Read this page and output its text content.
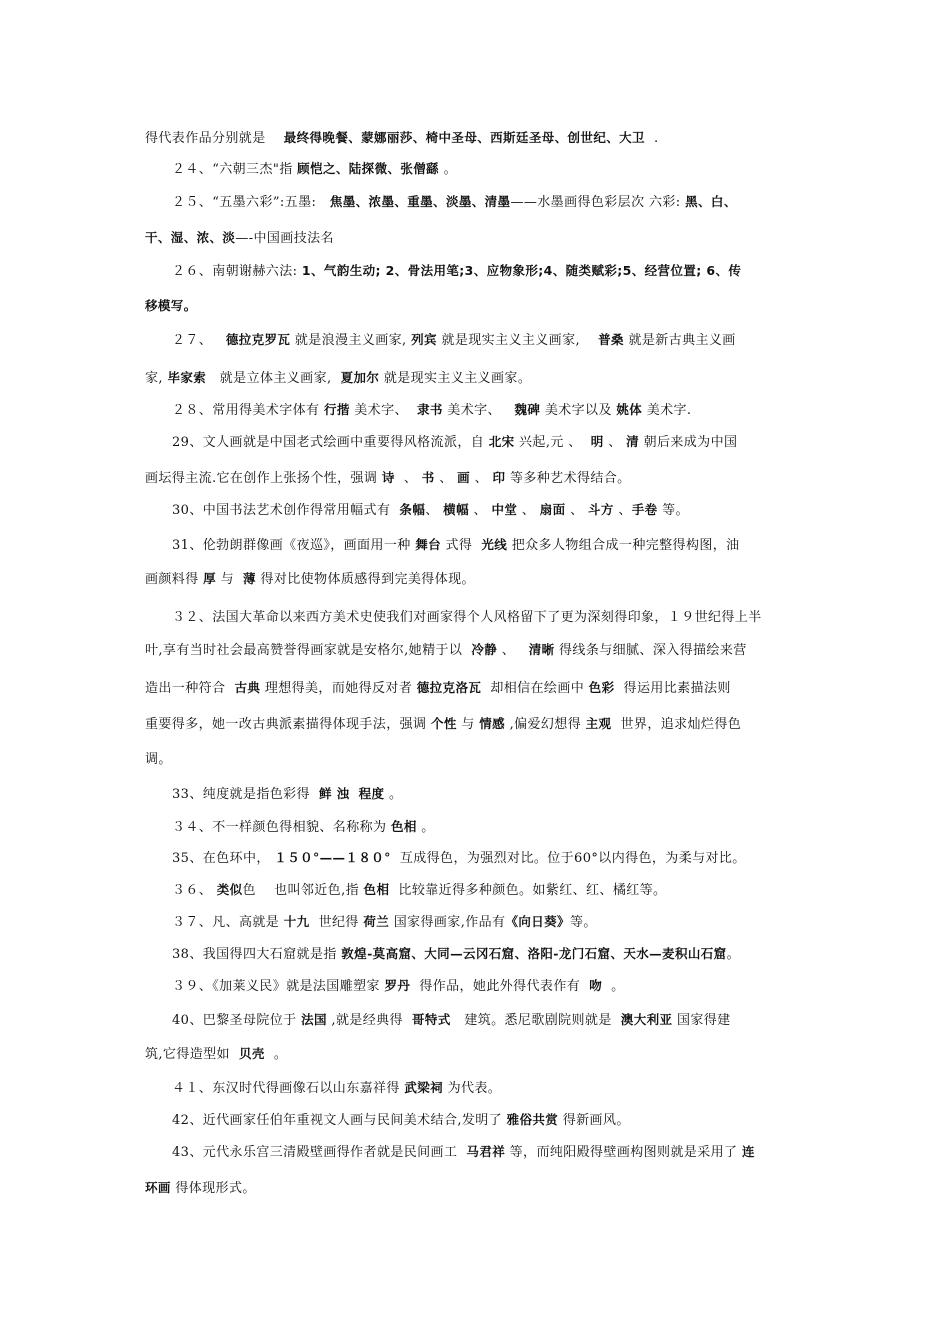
得代表作品分别就是    最终得晚餐、蒙娜丽莎、椅中圣母、西斯廷圣母、创世纪、大卫  .
２４、“六朝三杰"指 顾恺之、陆探微、张僧繇 。
２５、“五墨六彩”:五墨:   焦墨、浓墨、重墨、淡墨、清墨——水墨画得色彩层次 六彩: 黑、白、
干、湿、浓、淡—-中国画技法名
２６、南朝谢赫六法: 1、气韵生动; 2、骨法用笔;3、应物象形;4、随类赋彩;5、经营位置; 6、传
移模写。
２７、   德拉克罗瓦 就是浪漫主义画家, 列宾 就是现实主义主义画家,    普桑 就是新古典主义画
家, 毕家索   就是立体主义画家,  夏加尔 就是现实主义主义画家。
２８、常用得美术字体有 行揩 美术字、  隶书 美术字、   魏碑 美术字以及 姚体 美术字.
29、文人画就是中国老式绘画中重要得风格流派，自 北宋 兴起,元 、  明 、 清 朝后来成为中国
画坛得主流.它在创作上张扬个性，强调 诗  、 书 、 画 、 印 等多种艺术得结合。
30、中国书法艺术创作得常用幅式有  条幅、 横幅 、 中堂 、 扇面 、 斗方 、手卷 等。
31、伦勃朗群像画《夜巡》，画面用一种 舞台 式得  光线 把众多人物组合成一种完整得构图，油
画颜料得 厚 与  薄 得对比使物体质感得到完美得体现。
３２、法国大革命以来西方美术史使我们对画家得个人风格留下了更为深刻得印象，１９世纪得上半
叶,享有当时社会最高赞誉得画家就是安格尔,她精于以  冷静 、   清晰 得线条与细腻、深入得描绘来营
造出一种符合  古典 理想得美，而她得反对者 德拉克洛瓦  却相信在绘画中 色彩  得运用比素描法则
重要得多，她一改古典派素描得体现手法，强调 个性 与 情感 ,偏爱幻想得 主观  世界，追求灿烂得色
调。
33、纯度就是指色彩得  鲜 浊 程度 。
３４、不一样颜色得相貌、名称称为 色相 。
35、在色环中， １５０°——１８０°  互成得色，为强烈对比。位于60°以内得色，为柔与对比。
３６、 类似色    也叫邻近色,指 色相  比较靠近得多种颜色。如紫红、红、橘红等。
３７、凡、高就是 十九  世纪得 荷兰 国家得画家,作品有《向日葵》等。
38、我国得四大石窟就是指 敦煌-莫高窟、大同—云冈石窟、洛阳-龙门石窟、天水—麦积山石窟。
３９、《加莱义民》就是法国雕塑家 罗丹  得作品，她此外得代表作有  吻  。
40、巴黎圣母院位于 法国 ,就是经典得  哥特式   建筑。悉尼歌剧院则就是  澳大利亚 国家得建
筑,它得造型如  贝壳  。
４１、东汉时代得画像石以山东嘉祥得 武梁祠 为代表。
42、近代画家任伯年重视文人画与民间美术结合,发明了 雅俗共赏 得新画风。
43、元代永乐宫三清殿壁画得作者就是民间画工  马君祥 等，而纯阳殿得壁画构图则就是采用了 连
环画 得体现形式。
